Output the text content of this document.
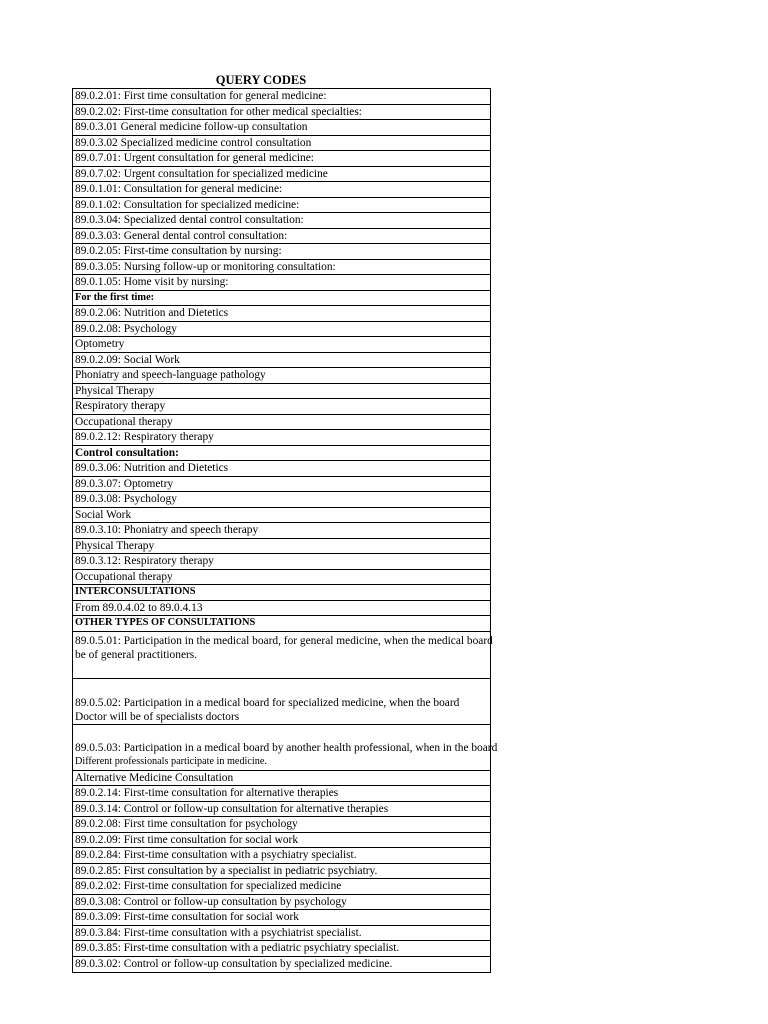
QUERY CODES
89.0.2.01: First time consultation for general medicine:
89.0.2.02: First-time consultation for other medical specialties:
89.0.3.01 General medicine follow-up consultation
89.0.3.02 Specialized medicine control consultation
89.0.7.01: Urgent consultation for general medicine:
89.0.7.02: Urgent consultation for specialized medicine
89.0.1.01: Consultation for general medicine:
89.0.1.02: Consultation for specialized medicine:
89.0.3.04: Specialized dental control consultation:
89.0.3.03: General dental control consultation:
89.0.2.05: First-time consultation by nursing:
89.0.3.05: Nursing follow-up or monitoring consultation:
89.0.1.05: Home visit by nursing:
For the first time:
89.0.2.06: Nutrition and Dietetics
89.0.2.08: Psychology
Optometry
89.0.2.09: Social Work
Phoniatry and speech-language pathology
Physical Therapy
Respiratory therapy
Occupational therapy
89.0.2.12: Respiratory therapy
Control consultation:
89.0.3.06: Nutrition and Dietetics
89.0.3.07: Optometry
89.0.3.08: Psychology
Social Work
89.0.3.10: Phoniatry and speech therapy
Physical Therapy
89.0.3.12: Respiratory therapy
Occupational therapy
INTERCONSULTATIONS
From 89.0.4.02 to 89.0.4.13
OTHER TYPES OF CONSULTATIONS
89.0.5.01: Participation in the medical board, for general medicine, when the medical board
be of general practitioners.
89.0.5.02: Participation in a medical board for specialized medicine, when the board
Doctor will be of specialists doctors
89.0.5.03: Participation in a medical board by another health professional, when in the board
Different professionals participate in medicine.
Alternative Medicine Consultation
89.0.2.14: First-time consultation for alternative therapies
89.0.3.14: Control or follow-up consultation for alternative therapies
89.0.2.08: First time consultation for psychology
89.0.2.09: First time consultation for social work
89.0.2.84: First-time consultation with a psychiatry specialist.
89.0.2.85: First consultation by a specialist in pediatric psychiatry.
89.0.2.02: First-time consultation for specialized medicine
89.0.3.08: Control or follow-up consultation by psychology
89.0.3.09: First-time consultation for social work
89.0.3.84: First-time consultation with a psychiatrist specialist.
89.0.3.85: First-time consultation with a pediatric psychiatry specialist.
89.0.3.02: Control or follow-up consultation by specialized medicine.
